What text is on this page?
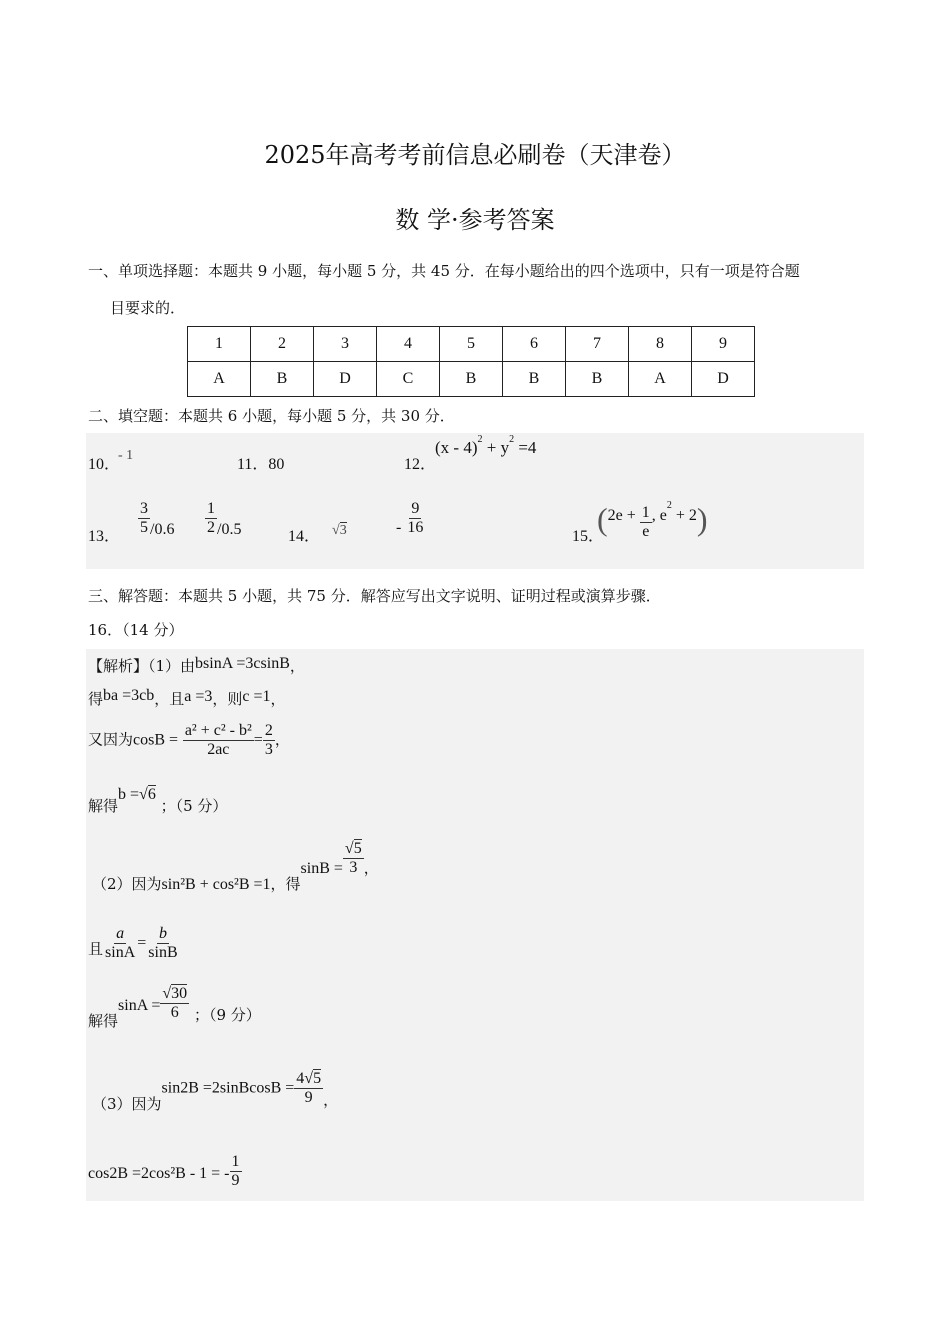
2025年高考考前信息必刷卷（天津卷）
数 学·参考答案
一、单项选择题：本题共 9 小题，每小题 5 分，共 45 分．在每小题给出的四个选项中，只有一项是符合题
目要求的．
1	2	3	4	5	6	7	8	9
A	B	D	C	B	B	B	A	D
二、填空题：本题共 6 小题，每小题 5 分，共 30 分．
10．
- 1
11．80	12．
$(x - 4)^2 + y^2 =4$
13． $\frac{3}{5} /0.6 \frac{1}{2} /0.5$	14． √3	- $\frac{9}{16}$	15．
($2e + \frac{1}{e}$ , $e^2 + 2$)
三、解答题：本题共 5 小题，共 75 分．解答应写出文字说明、证明过程或演算步骤．
16．（14 分）
【解析】（1）由bsinA =3csinB，
得ba =3cb，且a =3，则c =1，
又因为$\cos B = \frac{\text{a² + c² - b²}}{2ac} = \frac{2}{3}$ ，
解得b =√6 ；（5 分）
（2）因为sin²B + cos²B =1，得$\sin B = \frac{√5}{3}$ ，
且 $\frac{a}{\sin A} = \frac{b}{\sin B}$
解得$\sin A = \frac{√30}{6}$ ；（9 分）
（3）因为sin2B =2sinBcosB = $\frac{4√5}{9}$ ，
cos2B =2cos²B - 1 = - $\frac{1}{9}$
